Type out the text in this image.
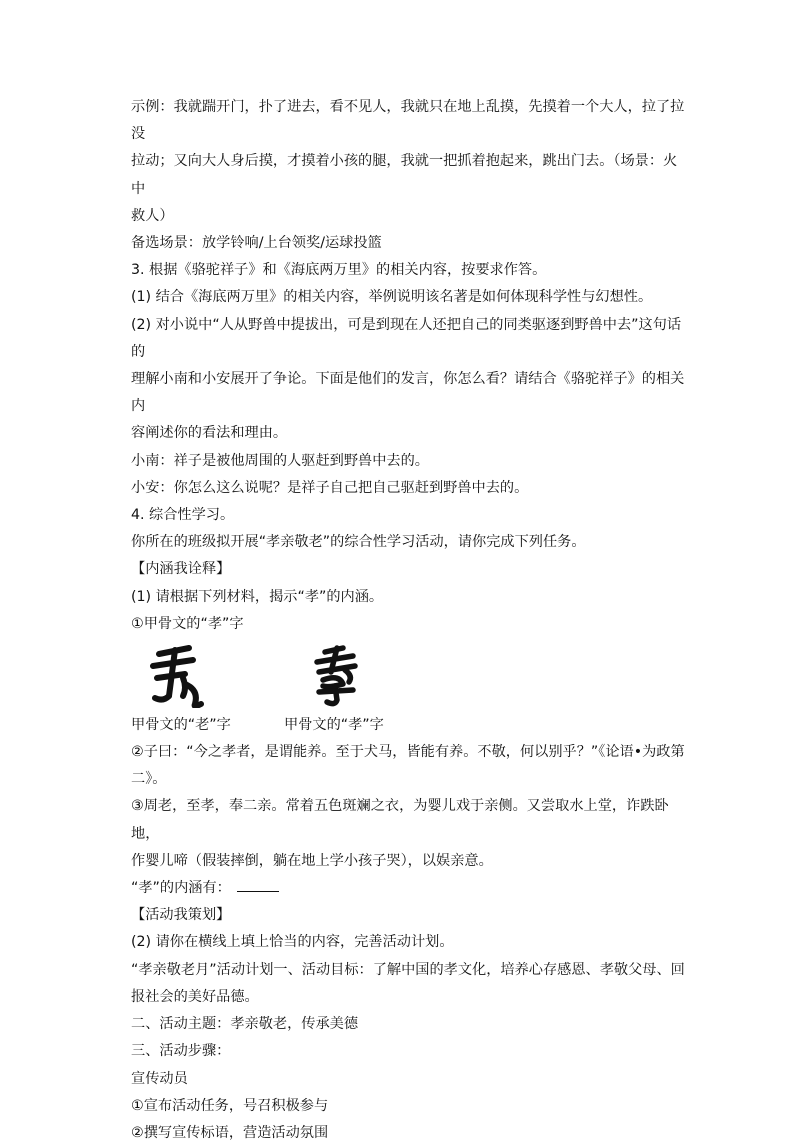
示例：我就踹开门，扑了进去，看不见人，我就只在地上乱摸，先摸着一个大人，拉了拉没

拉动；又向大人身后摸，才摸着小孩的腿，我就一把抓着抱起来，跳出门去。（场景：火中

救人）

备选场景：放学铃响/上台领奖/运球投篮

3. 根据《骆驼祥子》和《海底两万里》的相关内容，按要求作答。

(1) 结合《海底两万里》的相关内容，举例说明该名著是如何体现科学性与幻想性。

(2) 对小说中“人从野兽中提拔出，可是到现在人还把自己的同类驱逐到野兽中去”这句话的

理解小南和小安展开了争论。下面是他们的发言，你怎么看？请结合《骆驼祥子》的相关内

容阐述你的看法和理由。

小南：祥子是被他周围的人驱赶到野兽中去的。

小安：你怎么这么说呢？是祥子自己把自己驱赶到野兽中去的。

4. 综合性学习。

你所在的班级拟开展“孝亲敬老”的综合性学习活动，请你完成下列任务。

【内涵我诠释】

(1) 请根据下列材料，揭示“孝”的内涵。

①甲骨文的“孝”字

甲骨文的“老”字	甲骨文的“孝”字

②子曰：“今之孝者，是谓能养。至于犬马，皆能有养。不敬，何以别乎？”《论语•为政第

二》。

③周老，至孝，奉二亲。常着五色斑斓之衣，为婴儿戏于亲侧。又尝取水上堂，诈跌卧地，

作婴儿啼（假装摔倒，躺在地上学小孩子哭），以娱亲意。

“孝”的内涵有：

【活动我策划】

(2) 请你在横线上填上恰当的内容，完善活动计划。

“孝亲敬老月”活动计划一、活动目标：了解中国的孝文化，培养心存感恩、孝敬父母、回

报社会的美好品德。

二、活动主题：孝亲敬老，传承美德

三、活动步骤：

宣传动员

①宣布活动任务，号召积极参与

②撰写宣传标语，营造活动氛围
